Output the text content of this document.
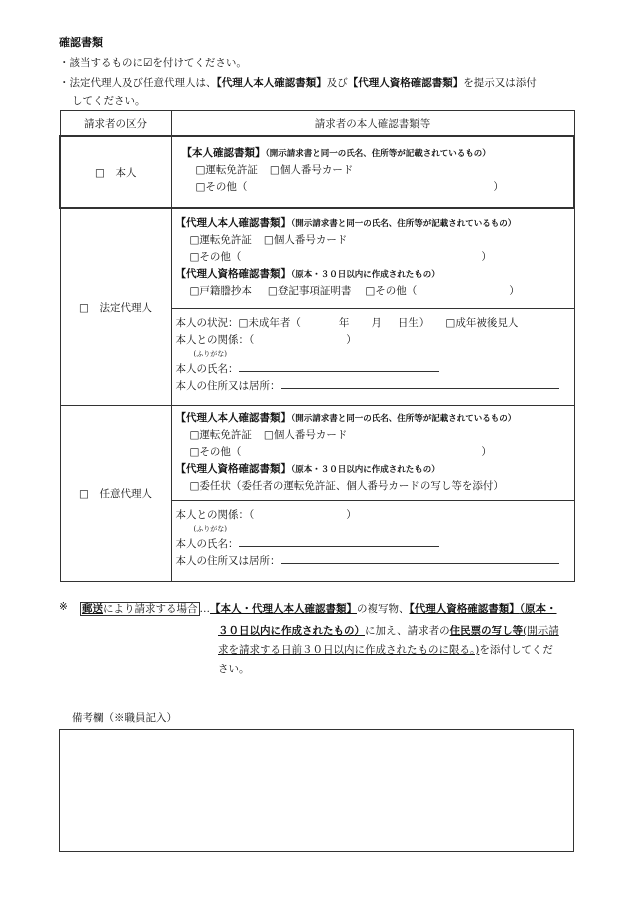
確認書類
・該当するものに☑を付けてください。
・法定代理人及び任意代理人は、【代理人本人確認書類】及び【代理人資格確認書類】を提示又は添付
してください。
請求者の区分	請求者の本人確認書類等
□　本人	【本人確認書類】（開示請求書と同一の氏名、住所等が記載されているもの）
□運転免許証 □個人番号カード
□その他（ ）

□　法定代理人	【代理人本人確認書類】（開示請求書と同一の氏名、住所等が記載されているもの）
□運転免許証 □個人番号カード
□その他（ ）
【代理人資格確認書類】（原本・３０日以内に作成されたもの）
□戸籍謄抄本 □登記事項証明書 □その他（ ）

	本人の状況：□未成年者（ 年 月 日生） □成年被後見人
本人との関係：（ ）
(ふりがな)
本人の氏名：
本人の住所又は居所：

□　任意代理人	【代理人本人確認書類】（開示請求書と同一の氏名、住所等が記載されているもの）
□運転免許証 □個人番号カード
□その他（ ）
【代理人資格確認書類】（原本・３０日以内に作成されたもの）
□委任状（委任者の運転免許証、個人番号カードの写し等を添付）

	本人との関係：（ ）
(ふりがな)
本人の氏名：
本人の住所又は居所：
※ 郵送により請求する場合 …【本人・代理人本人確認書類】の複写物、【代理人資格確認書類】（原本・
３０日以内に作成されたもの）に加え、請求者の住民票の写し等(開示請
求を請求する日前３０日以内に作成されたものに限る。)を添付してくだ
さい。
備考欄（※職員記入）
